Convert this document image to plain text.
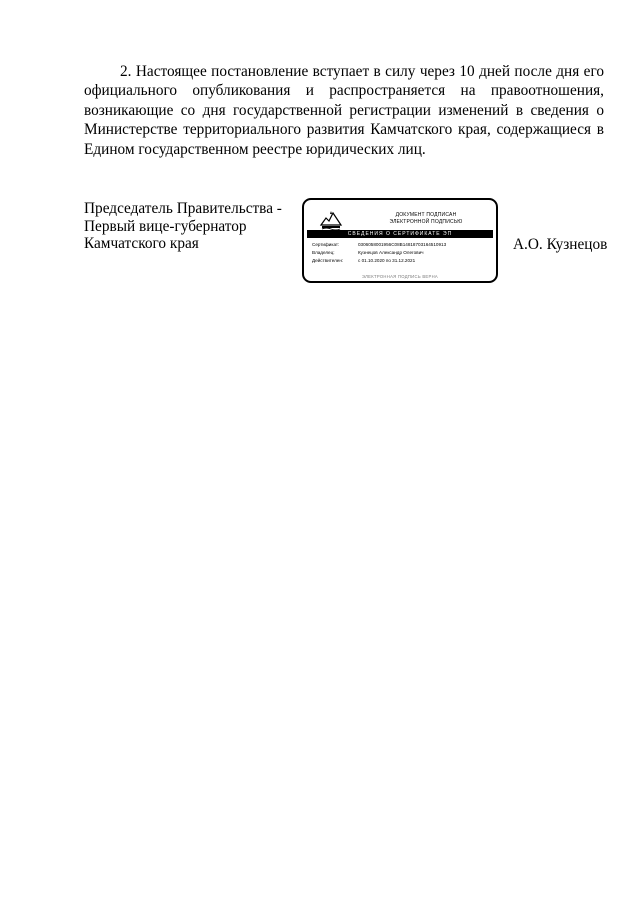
2. Настоящее постановление вступает в силу через 10 дней после дня его официального опубликования и распространяется на правоотношения, возникающие со дня государственной регистрации изменений в сведения о Министерстве территориального развития Камчатского края, содержащиеся в Едином государственном реестре юридических лиц.
Председатель Правительства -
Первый вице-губернатор
Камчатского края
ДОКУМЕНТ ПОДПИСАН
ЭЛЕКТРОННОЙ ПОДПИСЬЮ
СВЕДЕНИЯ О СЕРТИФИКАТЕ ЭП
Сертификат:	0306058001956C08B14818703164510913
Владелец:	Кузнецов Александр Олегович
Действителен:	с 01.10.2020 по 31.12.2021
ЭЛЕКТРОННАЯ ПОДПИСЬ ВЕРНА
А.О. Кузнецов
